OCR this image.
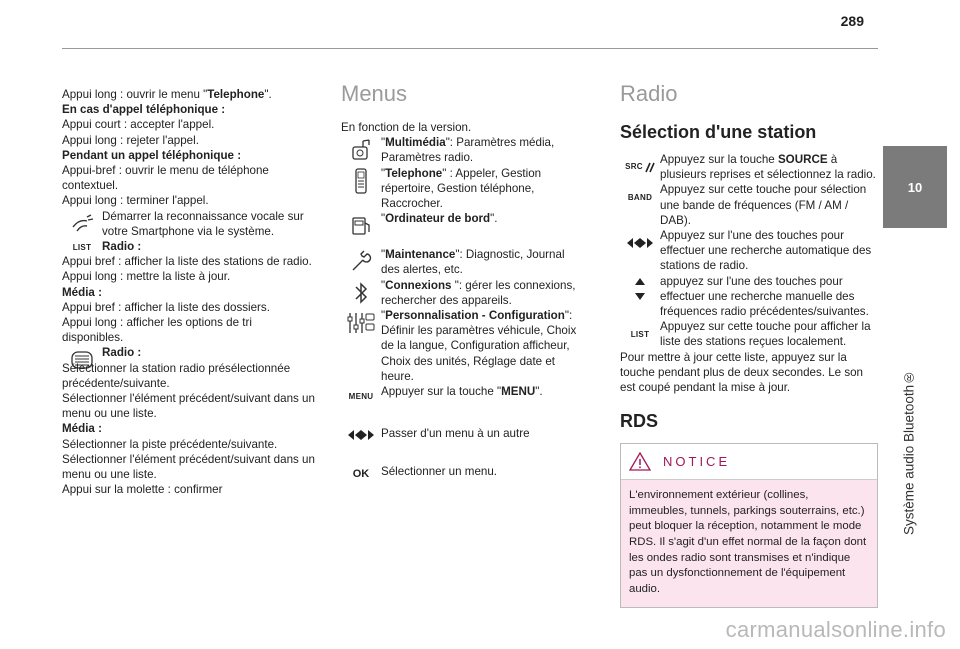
289
10
Système audio Bluetooth®

Appui long : ouvrir le menu "Telephone".

En cas d'appel téléphonique :

Appui court : accepter l'appel.

Appui long : rejeter l'appel.

Pendant un appel téléphonique :

Appui-bref : ouvrir le menu de téléphone contextuel.

Appui long : terminer l'appel.

Démarrer la reconnaissance vocale sur votre Smartphone via le système.

LIST Radio :

Appui bref : afficher la liste des stations de radio.

Appui long : mettre la liste à jour.

Média :

Appui bref : afficher la liste des dossiers.

Appui long : afficher les options de tri disponibles.

Radio :

Sélectionner la station radio présélectionnée précédente/suivante.

Sélectionner l'élément précédent/suivant dans un menu ou une liste.

Média :

Sélectionner la piste précédente/suivante.

Sélectionner l'élément précédent/suivant dans un menu ou une liste.

Appui sur la molette : confirmer

Menus

En fonction de la version.

"Multimédia": Paramètres média, Paramètres radio.

"Telephone" : Appeler, Gestion répertoire, Gestion téléphone, Raccrocher.

"Ordinateur de bord".

"Maintenance": Diagnostic, Journal des alertes, etc.

"Connexions ": gérer les connexions, rechercher des appareils.

"Personnalisation - Configuration": Définir les paramètres véhicule, Choix de la langue, Configuration afficheur, Choix des unités, Réglage date et heure.

MENU Appuyer sur la touche "MENU".

Passer d'un menu à un autre

OK Sélectionner un menu.

Radio
Sélection d'une station
SRC

Appuyez sur la touche SOURCE à plusieurs reprises et sélectionnez la radio.

BAND

Appuyez sur cette touche pour sélection une bande de fréquences (FM / AM / DAB).

Appuyez sur l'une des touches pour effectuer une recherche automatique des stations de radio.

appuyez sur l'une des touches pour effectuer une recherche manuelle des fréquences radio précédentes/suivantes.

LIST

Appuyez sur cette touche pour afficher la liste des stations reçues localement.

Pour mettre à jour cette liste, appuyez sur la touche pendant plus de deux secondes. Le son est coupé pendant la mise à jour.

RDS
NOTICE
L'environnement extérieur (collines, immeubles, tunnels, parkings souterrains, etc.) peut bloquer la réception, notamment le mode RDS. Il s'agit d'un effet normal de la façon dont les ondes radio sont transmises et n'indique pas un dysfonctionnement de l'équipement audio.
carmanualsonline.info
